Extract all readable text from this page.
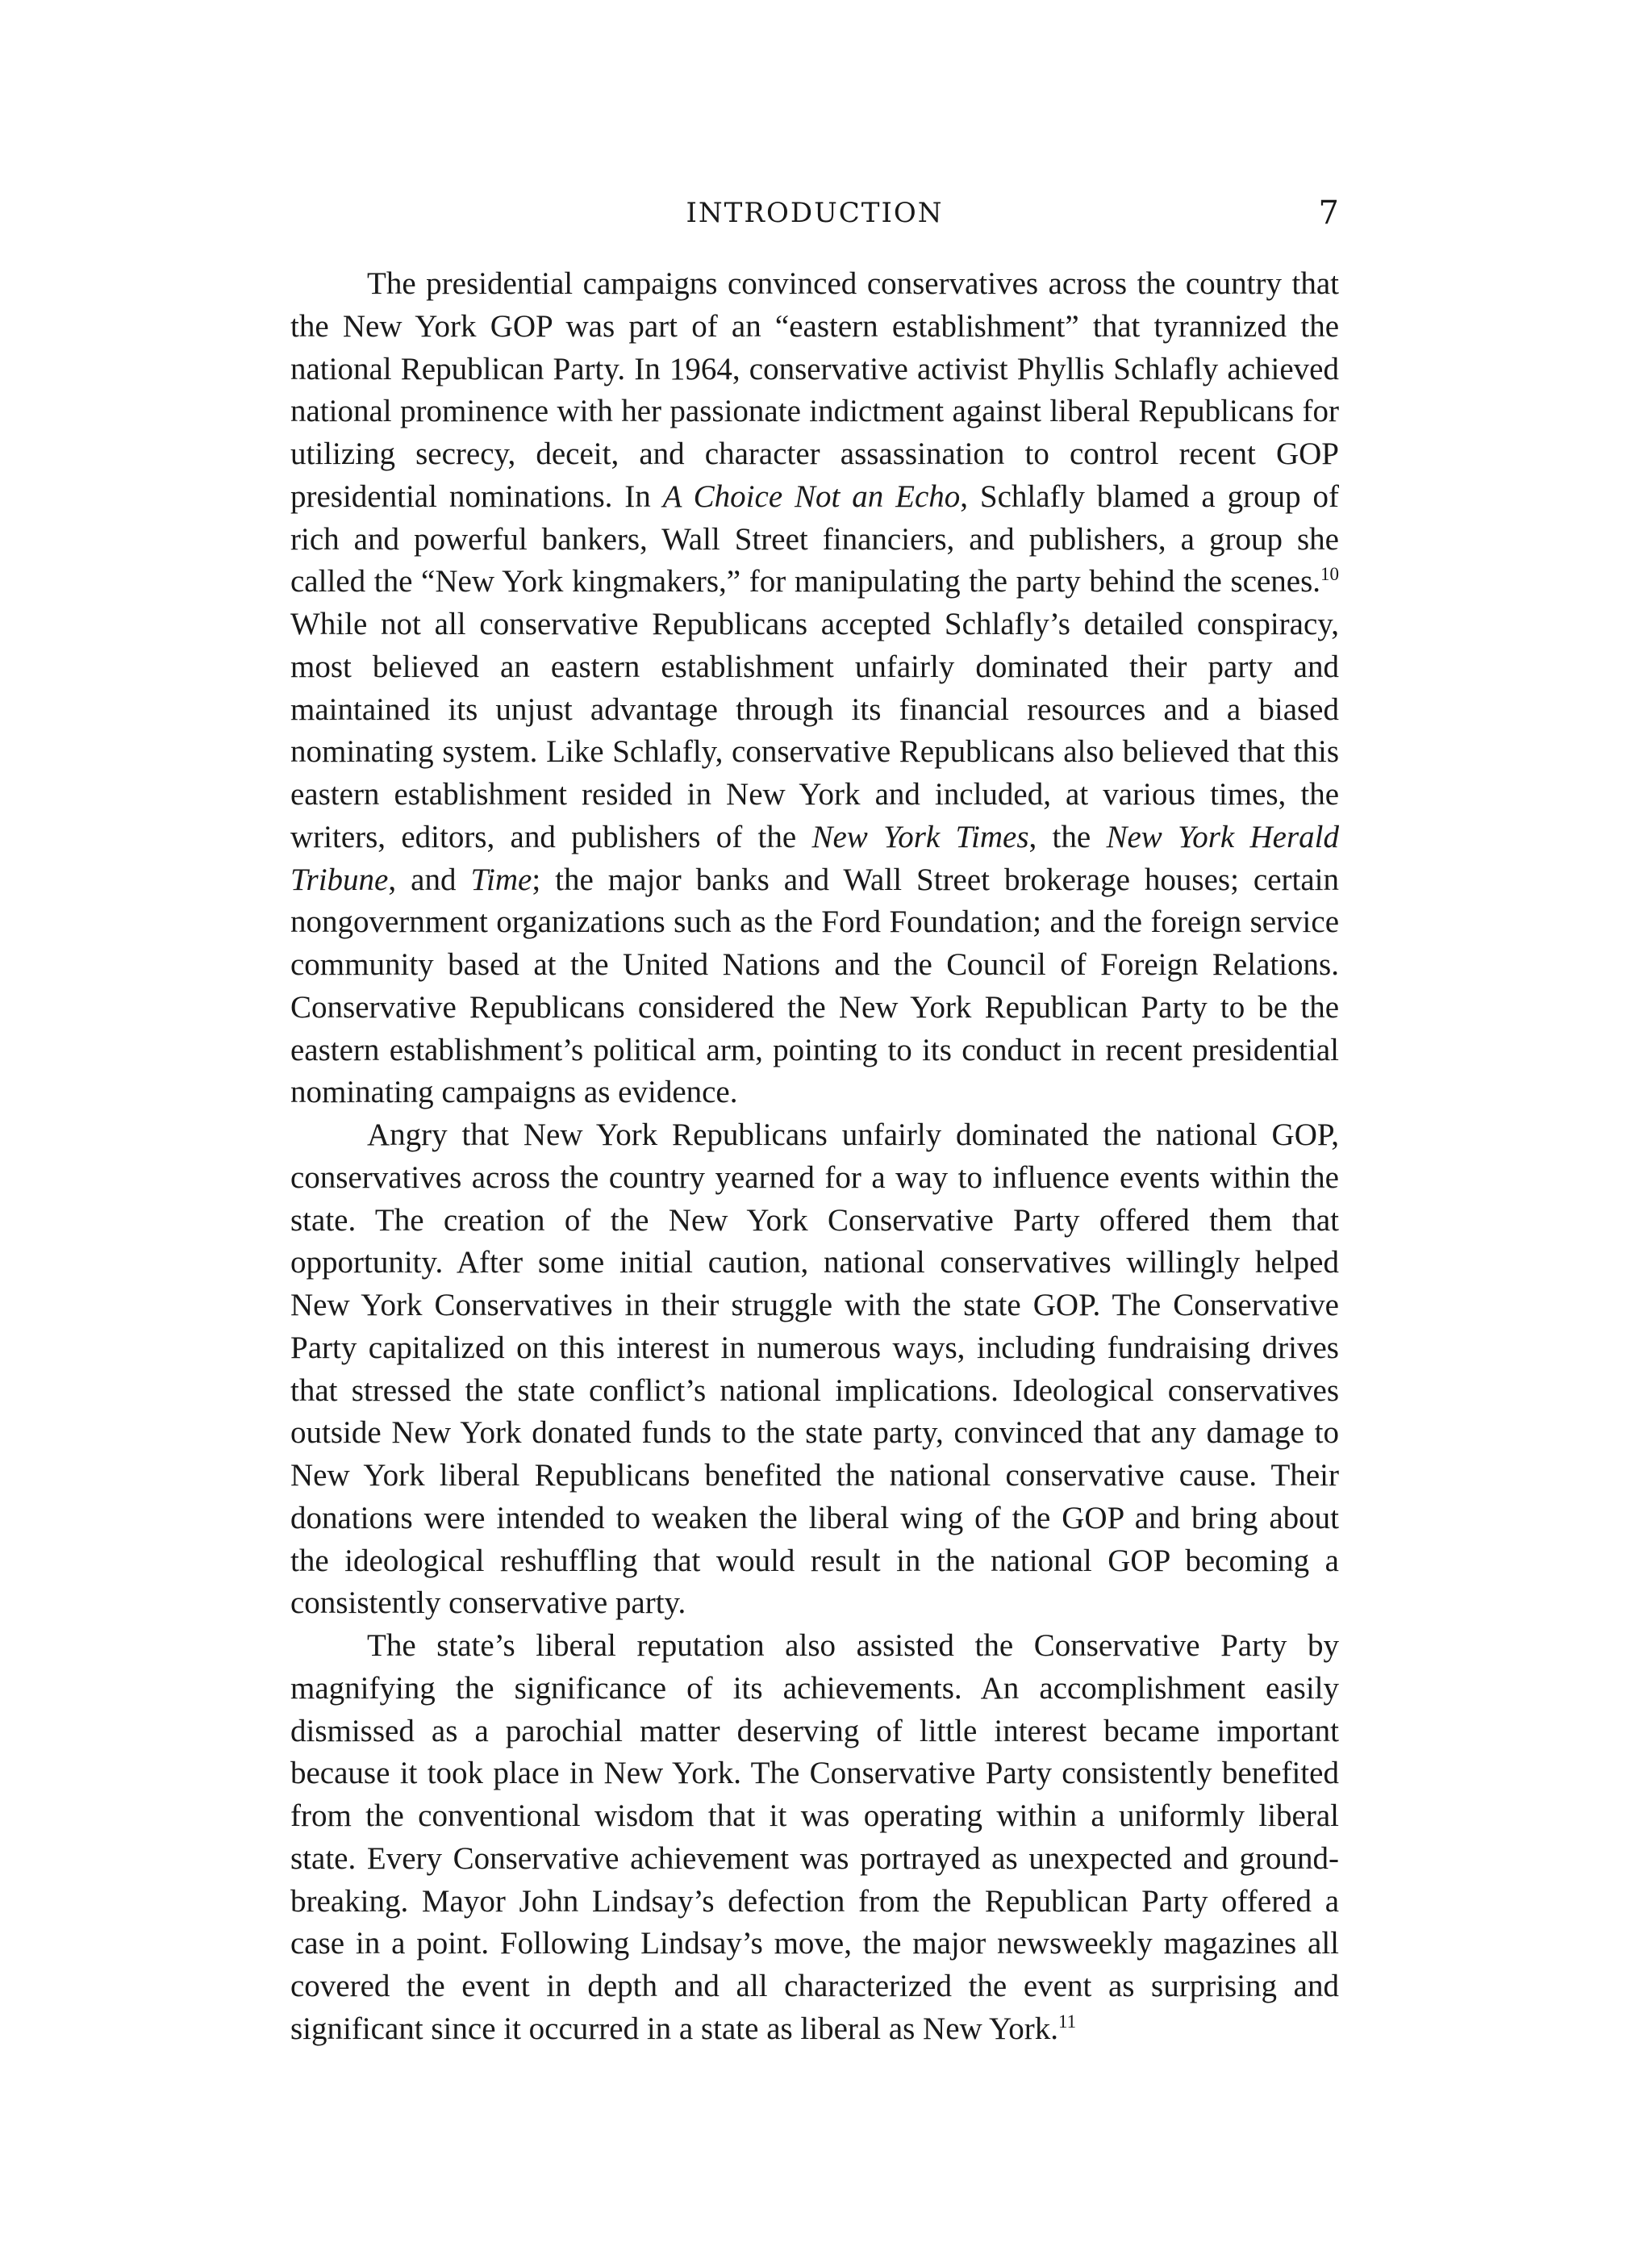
INTRODUCTION	7

The presidential campaigns convinced conservatives across the country that the New York GOP was part of an “eastern establishment” that tyrannized the national Republican Party. In 1964, conservative activist Phyllis Schlafly achieved national prominence with her passionate indictment against liberal Republicans for utilizing secrecy, deceit, and character assassination to control recent GOP presidential nominations. In A Choice Not an Echo, Schlafly blamed a group of rich and powerful bankers, Wall Street financiers, and publishers, a group she called the “New York kingmakers,” for manipulating the party behind the scenes.$^{10}$ While not all conservative Republicans accepted Schlafly’s detailed conspiracy, most believed an eastern establishment unfairly dominated their party and maintained its unjust advantage through its financial resources and a biased nominating system. Like Schlafly, conservative Republicans also believed that this eastern establishment resided in New York and included, at various times, the writers, editors, and publishers of the New York Times, the New York Herald Tribune, and Time; the major banks and Wall Street brokerage houses; certain nongovernment organizations such as the Ford Foundation; and the foreign service community based at the United Nations and the Council of Foreign Relations. Conservative Republicans considered the New York Republican Party to be the eastern establishment’s political arm, pointing to its conduct in recent presidential nominating campaigns as evidence.

Angry that New York Republicans unfairly dominated the national GOP, conservatives across the country yearned for a way to influence events within the state. The creation of the New York Conservative Party offered them that opportunity. After some initial caution, national conservatives willingly helped New York Conservatives in their struggle with the state GOP. The Conservative Party capitalized on this interest in numerous ways, including fundraising drives that stressed the state conflict’s national implications. Ideological conservatives outside New York donated funds to the state party, convinced that any damage to New York liberal Republicans benefited the national conservative cause. Their donations were intended to weaken the liberal wing of the GOP and bring about the ideological reshuffling that would result in the national GOP becoming a consistently conservative party.

The state’s liberal reputation also assisted the Conservative Party by magnifying the significance of its achievements. An accomplishment easily dismissed as a parochial matter deserving of little interest became important because it took place in New York. The Conservative Party consistently benefited from the conventional wisdom that it was operating within a uniformly liberal state. Every Conservative achievement was portrayed as unexpected and ground-breaking. Mayor John Lindsay’s defection from the Republican Party offered a case in a point. Following Lindsay’s move, the major newsweekly magazines all covered the event in depth and all characterized the event as surprising and significant since it occurred in a state as liberal as New York.$^{11}$
